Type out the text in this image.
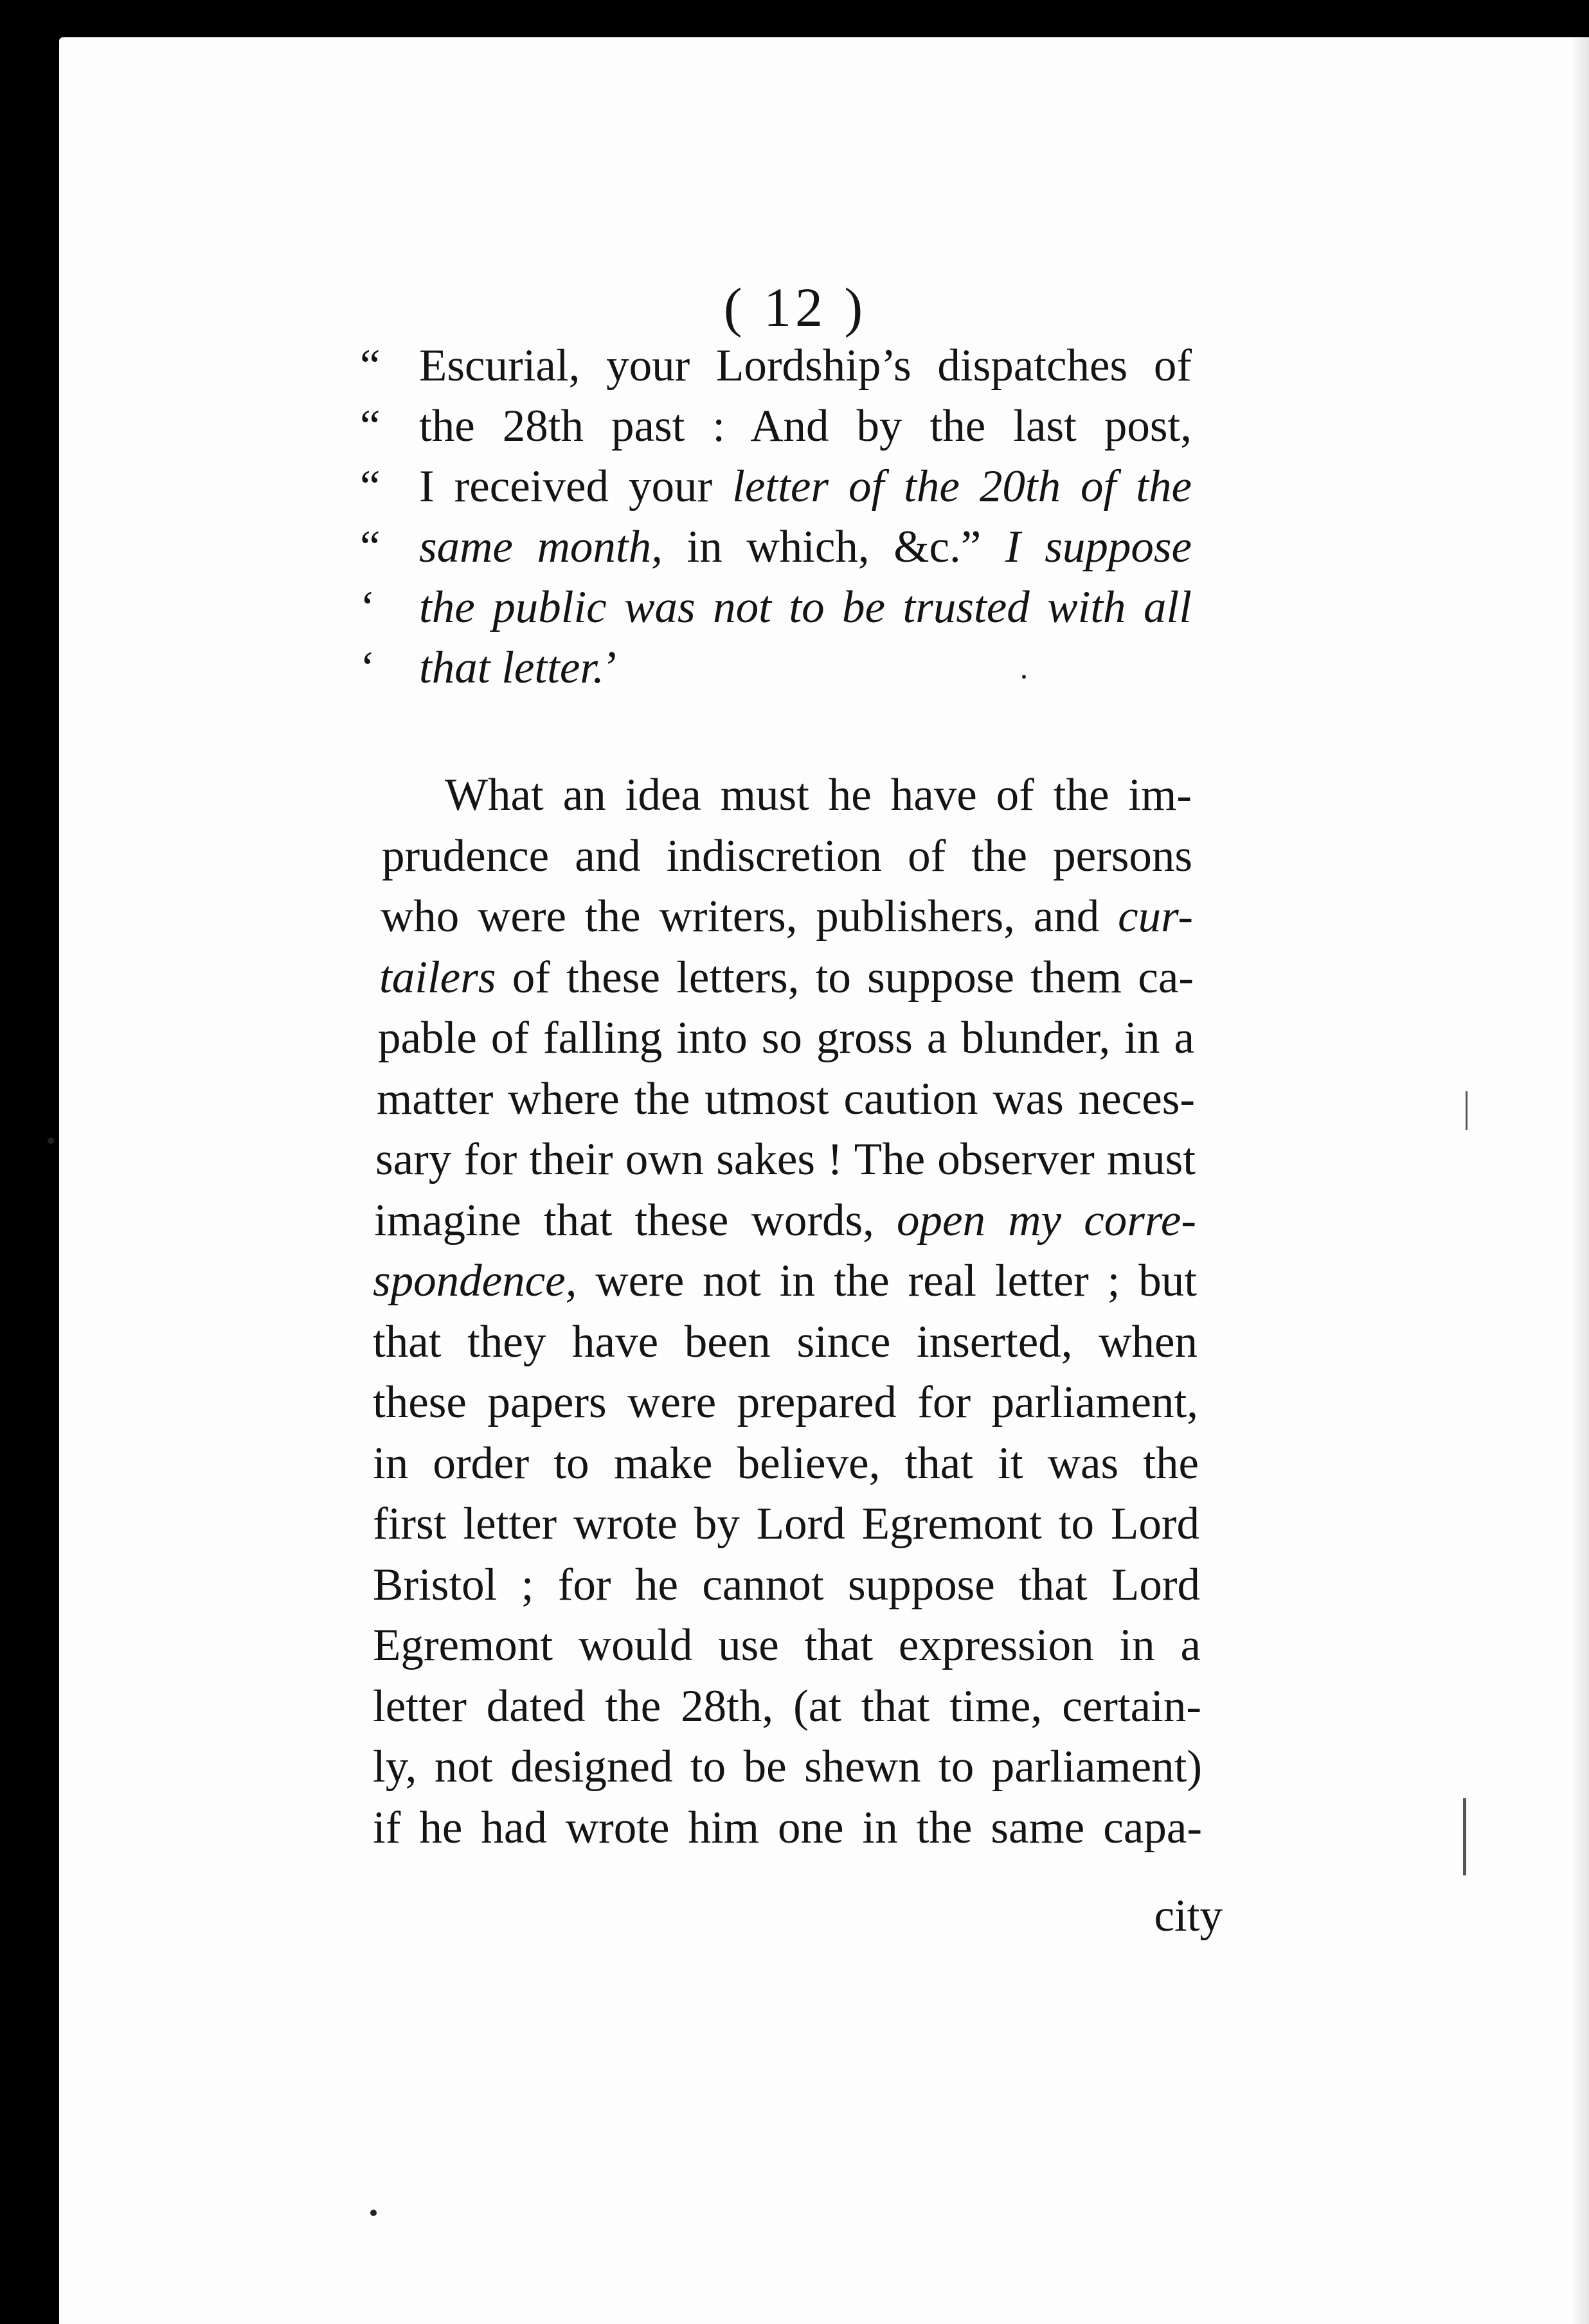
( 12 )
“ Escurial, your Lordship’s dispatches of
“ the 28th past : And by the last post,
“ I received your letter of the 20th of the
“ same month, in which, &c.” I suppose
‘ the public was not to be trusted with all
‘ that letter.’
What an idea must he have of the im-
prudence and indiscretion of the persons
who were the writers, publishers, and cur-
tailers of these letters, to suppose them ca-
pable of falling into so gross a blunder, in a
matter where the utmost caution was neces-
sary for their own sakes ! The observer must
imagine that these words, open my corre-
spondence, were not in the real letter ; but
that they have been since inserted, when
these papers were prepared for parliament,
in order to make believe, that it was the
first letter wrote by Lord Egremont to Lord
Bristol ; for he cannot suppose that Lord
Egremont would use that expression in a
letter dated the 28th, (at that time, certain-
ly, not designed to be shewn to parliament)
if he had wrote him one in the same capa-
city
